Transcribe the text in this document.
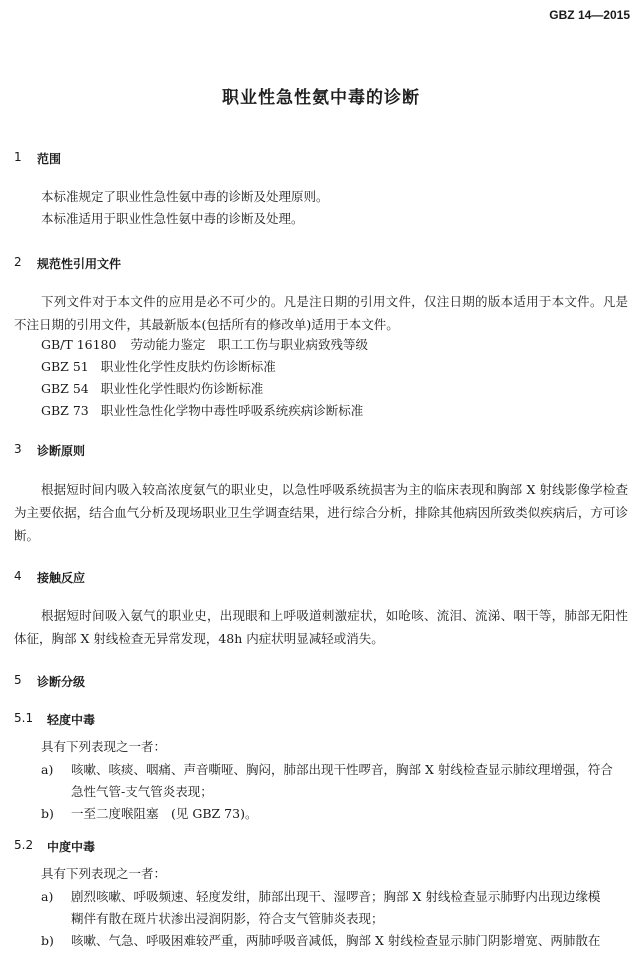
GBZ 14—2015
职业性急性氨中毒的诊断
1 范围
本标准规定了职业性急性氨中毒的诊断及处理原则。
本标准适用于职业性急性氨中毒的诊断及处理。
2 规范性引用文件
下列文件对于本文件的应用是必不可少的。凡是注日期的引用文件，仅注日期的版本适用于本文件。凡是不注日期的引用文件，其最新版本(包括所有的修改单)适用于本文件。
GB/T 16180 劳动能力鉴定　职工工伤与职业病致残等级
GBZ 51 职业性化学性皮肤灼伤诊断标准
GBZ 54 职业性化学性眼灼伤诊断标准
GBZ 73 职业性急性化学物中毒性呼吸系统疾病诊断标准
3 诊断原则
根据短时间内吸入较高浓度氨气的职业史，以急性呼吸系统损害为主的临床表现和胸部 X 射线影像学检查为主要依据，结合血气分析及现场职业卫生学调查结果，进行综合分析，排除其他病因所致类似疾病后，方可诊断。
4 接触反应
根据短时间吸入氨气的职业史，出现眼和上呼吸道刺激症状，如呛咳、流泪、流涕、咽干等，肺部无阳性体征，胸部 X 射线检查无异常发现，48h 内症状明显减轻或消失。
5 诊断分级
5.1 轻度中毒
具有下列表现之一者：
a) 咳嗽、咳痰、咽痛、声音嘶哑、胸闷，肺部出现干性啰音，胸部 X 射线检查显示肺纹理增强，符合
急性气管-支气管炎表现；
b) 一至二度喉阻塞　(见 GBZ 73)。
5.2 中度中毒
具有下列表现之一者：
a) 剧烈咳嗽、呼吸频速、轻度发绀，肺部出现干、湿啰音；胸部 X 射线检查显示肺野内出现边缘模
糊伴有散在斑片状渗出浸润阴影，符合支气管肺炎表现；
b) 咳嗽、气急、呼吸困难较严重，两肺呼吸音减低，胸部 X 射线检查显示肺门阴影增宽、两肺散在
